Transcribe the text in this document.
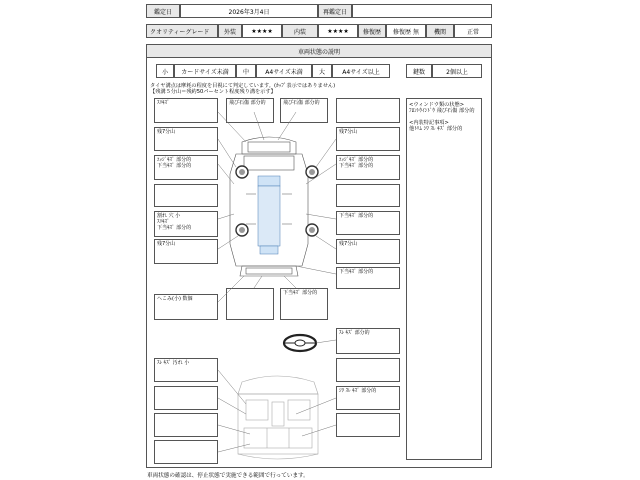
鑑定日	2026年3月4日	再鑑定日
クオリティーグレード	外装	★★★★	内装	★★★★	修復歴	修復歴 無	機関	正常
車両状態の説明
小	カードサイズ未満	中	A4サイズ未満	大	A4サイズ以上	鍵数	2個以上
タイヤ溝点は摩耗の程度を目視にて判定しています。(ｶｯﾌﾟ表示ではありません)
【残溝５分山＝残約50パーセント程度残り溝を示す】
<ウィンドウ類の状態>
ﾌﾛﾝﾄｳｲﾝﾄﾞｳ 飛び石傷 部分的
<内装特記事項>
他ﾄﾘﾑ ｼﾜ ｽﾚ ｷｽﾞ 部分的
ｽﾘｷｽﾞ	飛び石傷 部分的	飛び石傷 部分的
残7分山	残7分山
ｴｯｼﾞｷｽﾞ 部分的
下当ｷｽﾞ 部分的
ｴｯｼﾞｷｽﾞ 部分的
下当ｷｽﾞ 部分的
割れ 穴 小
ｽﾘｷｽﾞ
下当ｷｽﾞ 部分的
下当ｷｽﾞ 部分的
残7分山	残7分山
下当ｷｽﾞ 部分的
へこみ(小) 数個
下当ｷｽﾞ 部分的
ｽﾚ ｷｽﾞ 部分的
ｽﾚ ｷｽﾞ 汚れ 小
ｼﾜ ｽﾚ ｷｽﾞ 部分的
車両状態の確認は、停止状態で実施できる範囲で行っています。
